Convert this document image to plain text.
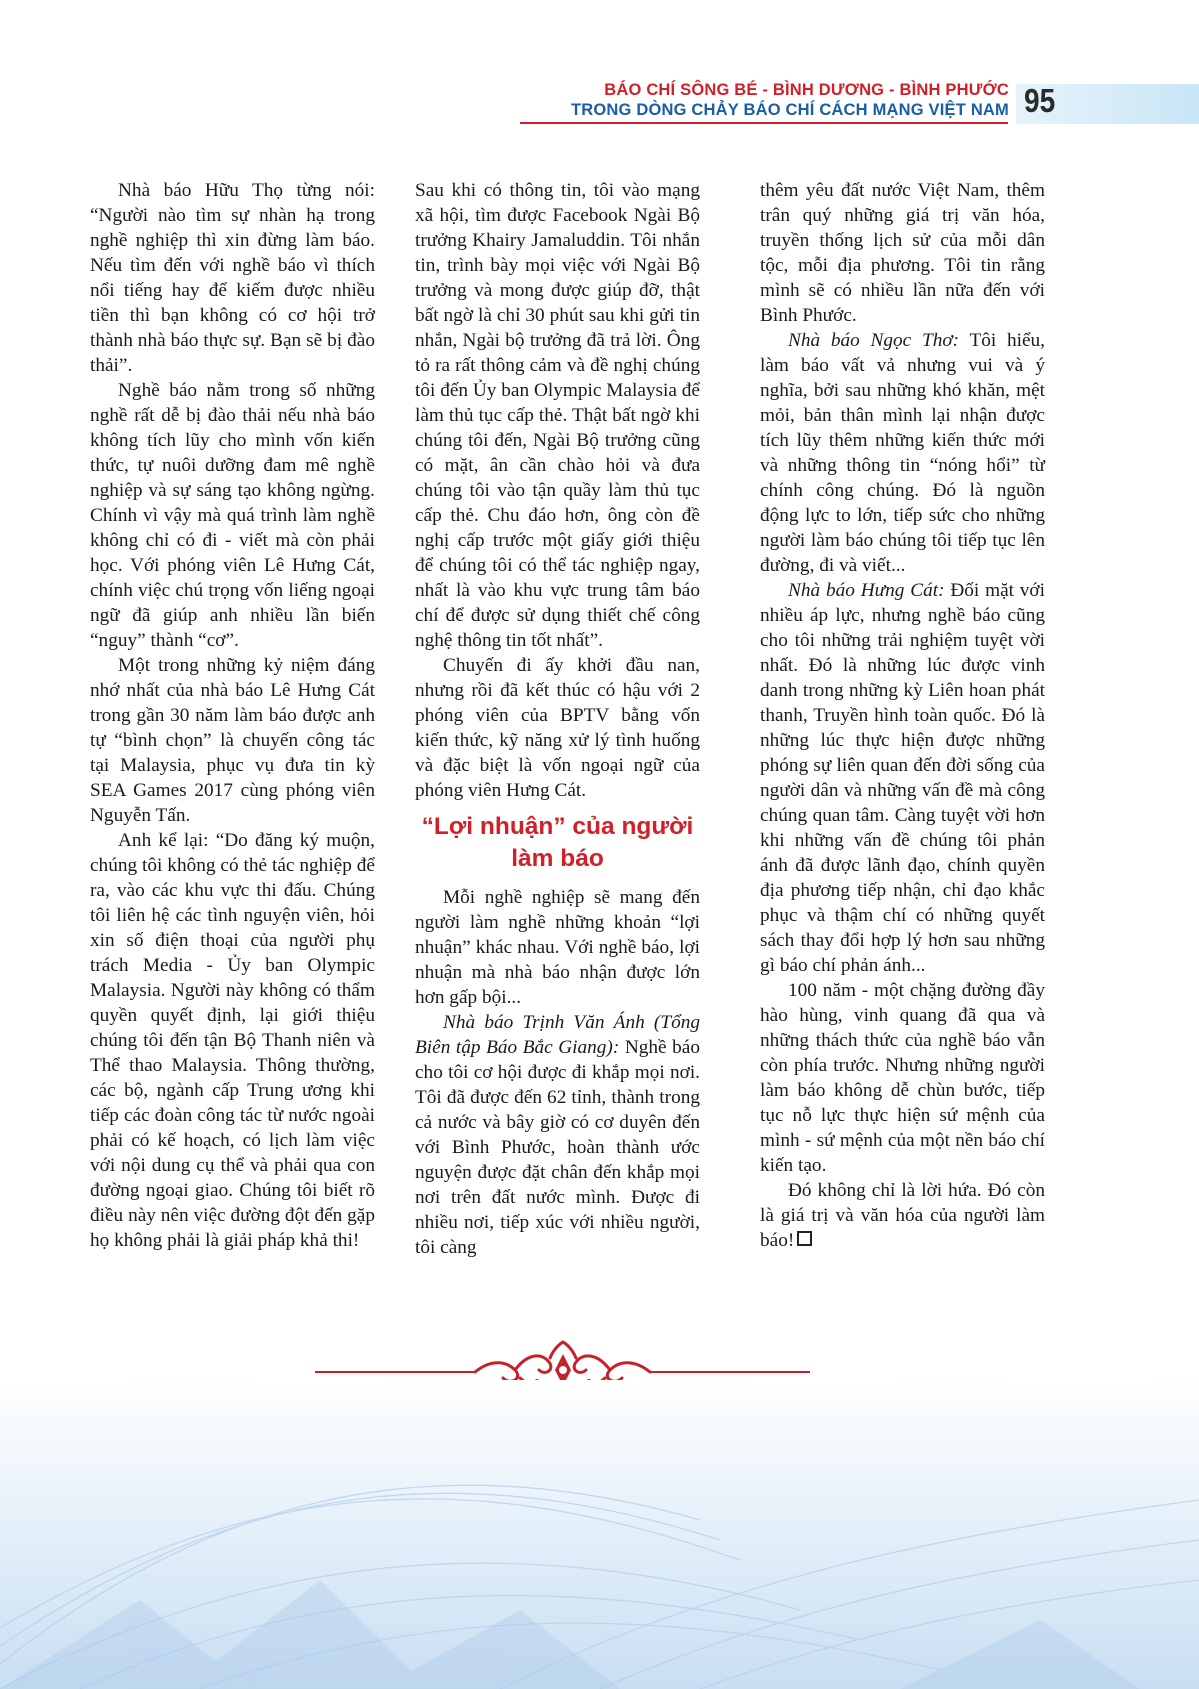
BÁO CHÍ SÔNG BÉ - BÌNH DƯƠNG - BÌNH PHƯỚC
TRONG DÒNG CHẢY BÁO CHÍ CÁCH MẠNG VIỆT NAM 95

Nhà báo Hữu Thọ từng nói: “Người nào tìm sự nhàn hạ trong nghề nghiệp thì xin đừng làm báo. Nếu tìm đến với nghề báo vì thích nổi tiếng hay để kiếm được nhiều tiền thì bạn không có cơ hội trở thành nhà báo thực sự. Bạn sẽ bị đào thải”.

Nghề báo nằm trong số những nghề rất dễ bị đào thải nếu nhà báo không tích lũy cho mình vốn kiến thức, tự nuôi dưỡng đam mê nghề nghiệp và sự sáng tạo không ngừng. Chính vì vậy mà quá trình làm nghề không chỉ có đi - viết mà còn phải học. Với phóng viên Lê Hưng Cát, chính việc chú trọng vốn liếng ngoại ngữ đã giúp anh nhiều lần biến “nguy” thành “cơ”.

Một trong những kỷ niệm đáng nhớ nhất của nhà báo Lê Hưng Cát trong gần 30 năm làm báo được anh tự “bình chọn” là chuyến công tác tại Malaysia, phục vụ đưa tin kỳ SEA Games 2017 cùng phóng viên Nguyễn Tấn.

Anh kể lại: “Do đăng ký muộn, chúng tôi không có thẻ tác nghiệp để ra, vào các khu vực thi đấu. Chúng tôi liên hệ các tình nguyện viên, hỏi xin số điện thoại của người phụ trách Media - Ủy ban Olympic Malaysia. Người này không có thẩm quyền quyết định, lại giới thiệu chúng tôi đến tận Bộ Thanh niên và Thể thao Malaysia. Thông thường, các bộ, ngành cấp Trung ương khi tiếp các đoàn công tác từ nước ngoài phải có kế hoạch, có lịch làm việc với nội dung cụ thể và phải qua con đường ngoại giao. Chúng tôi biết rõ điều này nên việc đường đột đến gặp họ không phải là giải pháp khả thi!

Sau khi có thông tin, tôi vào mạng xã hội, tìm được Facebook Ngài Bộ trưởng Khairy Jamaluddin. Tôi nhắn tin, trình bày mọi việc với Ngài Bộ trưởng và mong được giúp đỡ, thật bất ngờ là chỉ 30 phút sau khi gửi tin nhắn, Ngài bộ trưởng đã trả lời. Ông tỏ ra rất thông cảm và đề nghị chúng tôi đến Ủy ban Olympic Malaysia để làm thủ tục cấp thẻ. Thật bất ngờ khi chúng tôi đến, Ngài Bộ trưởng cũng có mặt, ân cần chào hỏi và đưa chúng tôi vào tận quầy làm thủ tục cấp thẻ. Chu đáo hơn, ông còn đề nghị cấp trước một giấy giới thiệu để chúng tôi có thể tác nghiệp ngay, nhất là vào khu vực trung tâm báo chí để được sử dụng thiết chế công nghệ thông tin tốt nhất”.

Chuyến đi ấy khởi đầu nan, nhưng rồi đã kết thúc có hậu với 2 phóng viên của BPTV bằng vốn kiến thức, kỹ năng xử lý tình huống và đặc biệt là vốn ngoại ngữ của phóng viên Hưng Cát.

“Lợi nhuận” của người làm báo

Mỗi nghề nghiệp sẽ mang đến người làm nghề những khoản “lợi nhuận” khác nhau. Với nghề báo, lợi nhuận mà nhà báo nhận được lớn hơn gấp bội...

Nhà báo Trịnh Văn Ánh (Tổng Biên tập Báo Bắc Giang): Nghề báo cho tôi cơ hội được đi khắp mọi nơi. Tôi đã được đến 62 tỉnh, thành trong cả nước và bây giờ có cơ duyên đến với Bình Phước, hoàn thành ước nguyện được đặt chân đến khắp mọi nơi trên đất nước mình. Được đi nhiều nơi, tiếp xúc với nhiều người, tôi càng

thêm yêu đất nước Việt Nam, thêm trân quý những giá trị văn hóa, truyền thống lịch sử của mỗi dân tộc, mỗi địa phương. Tôi tin rằng mình sẽ có nhiều lần nữa đến với Bình Phước.

Nhà báo Ngọc Thơ: Tôi hiểu, làm báo vất vả nhưng vui và ý nghĩa, bởi sau những khó khăn, mệt mỏi, bản thân mình lại nhận được tích lũy thêm những kiến thức mới và những thông tin “nóng hổi” từ chính công chúng. Đó là nguồn động lực to lớn, tiếp sức cho những người làm báo chúng tôi tiếp tục lên đường, đi và viết...

Nhà báo Hưng Cát: Đối mặt với nhiều áp lực, nhưng nghề báo cũng cho tôi những trải nghiệm tuyệt vời nhất. Đó là những lúc được vinh danh trong những kỳ Liên hoan phát thanh, Truyền hình toàn quốc. Đó là những lúc thực hiện được những phóng sự liên quan đến đời sống của người dân và những vấn đề mà công chúng quan tâm. Càng tuyệt vời hơn khi những vấn đề chúng tôi phản ánh đã được lãnh đạo, chính quyền địa phương tiếp nhận, chỉ đạo khắc phục và thậm chí có những quyết sách thay đổi hợp lý hơn sau những gì báo chí phản ánh...

100 năm - một chặng đường đầy hào hùng, vinh quang đã qua và những thách thức của nghề báo vẫn còn phía trước. Nhưng những người làm báo không dễ chùn bước, tiếp tục nỗ lực thực hiện sứ mệnh của mình - sứ mệnh của một nền báo chí kiến tạo.

Đó không chỉ là lời hứa. Đó còn là giá trị và văn hóa của người làm báo!
